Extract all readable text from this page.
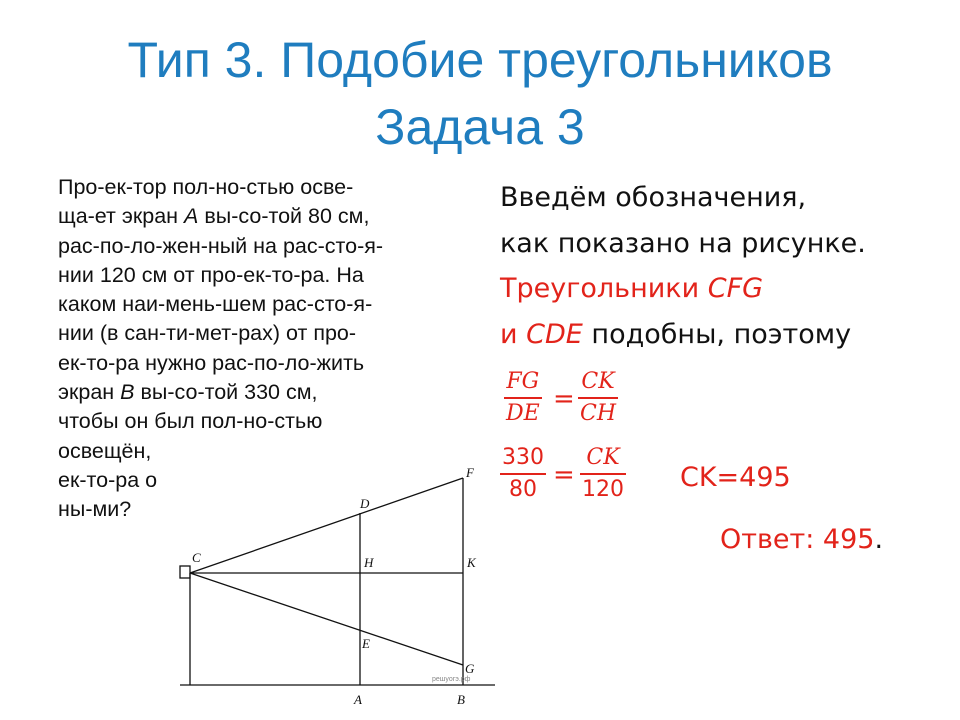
Тип 3. Подобие треугольников
Задача 3
Про-ек-тор пол-но-стью осве-
ща-ет экран A вы-со-той 80 см,
рас-по-ло-жен-ный на рас-сто-я-
нии 120 см от про-ек-то-ра. На
каком наи-мень-шем рас-сто-я-
нии (в сан-ти-мет-рах) от про-
ек-то-ра нужно рас-по-ло-жить
экран B вы-со-той 330 см,
чтобы он был пол-но-стью
освещён,
ек-то-ра о
ны-ми?
C
D
F
H	K
E
G
A	B
решуогэ.рф
Введём обозначения,
как показано на рисунке.
Треугольники CFG
и CDE подобны, поэтому
FG
DE =
CK
CH
330
80 =
CK
120 CK=495
Ответ: 495.
